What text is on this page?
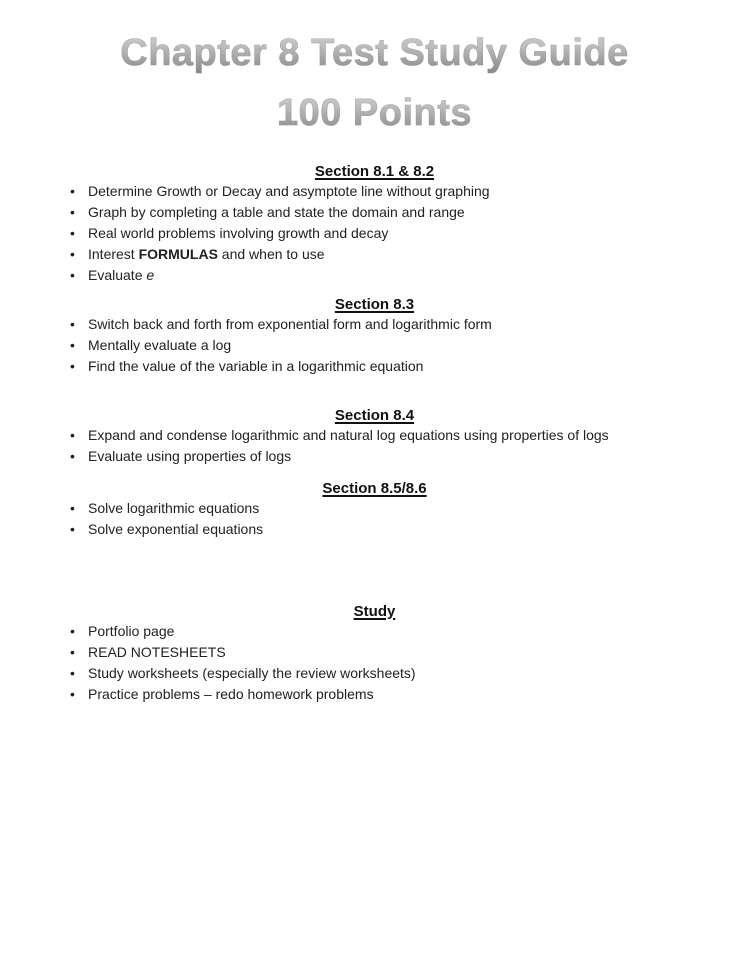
Chapter 8 Test Study Guide
100 Points
Section 8.1 & 8.2
• Determine Growth or Decay and asymptote line without graphing
• Graph by completing a table and state the domain and range
• Real world problems involving growth and decay
• Interest FORMULAS and when to use
• Evaluate e
Section 8.3
• Switch back and forth from exponential form and logarithmic form
• Mentally evaluate a log
• Find the value of the variable in a logarithmic equation
Section 8.4
• Expand and condense logarithmic and natural log equations using properties of logs
• Evaluate using properties of logs
Section 8.5/8.6
• Solve logarithmic equations
• Solve exponential equations
Study
• Portfolio page
• READ NOTESHEETS
• Study worksheets (especially the review worksheets)
• Practice problems – redo homework problems
